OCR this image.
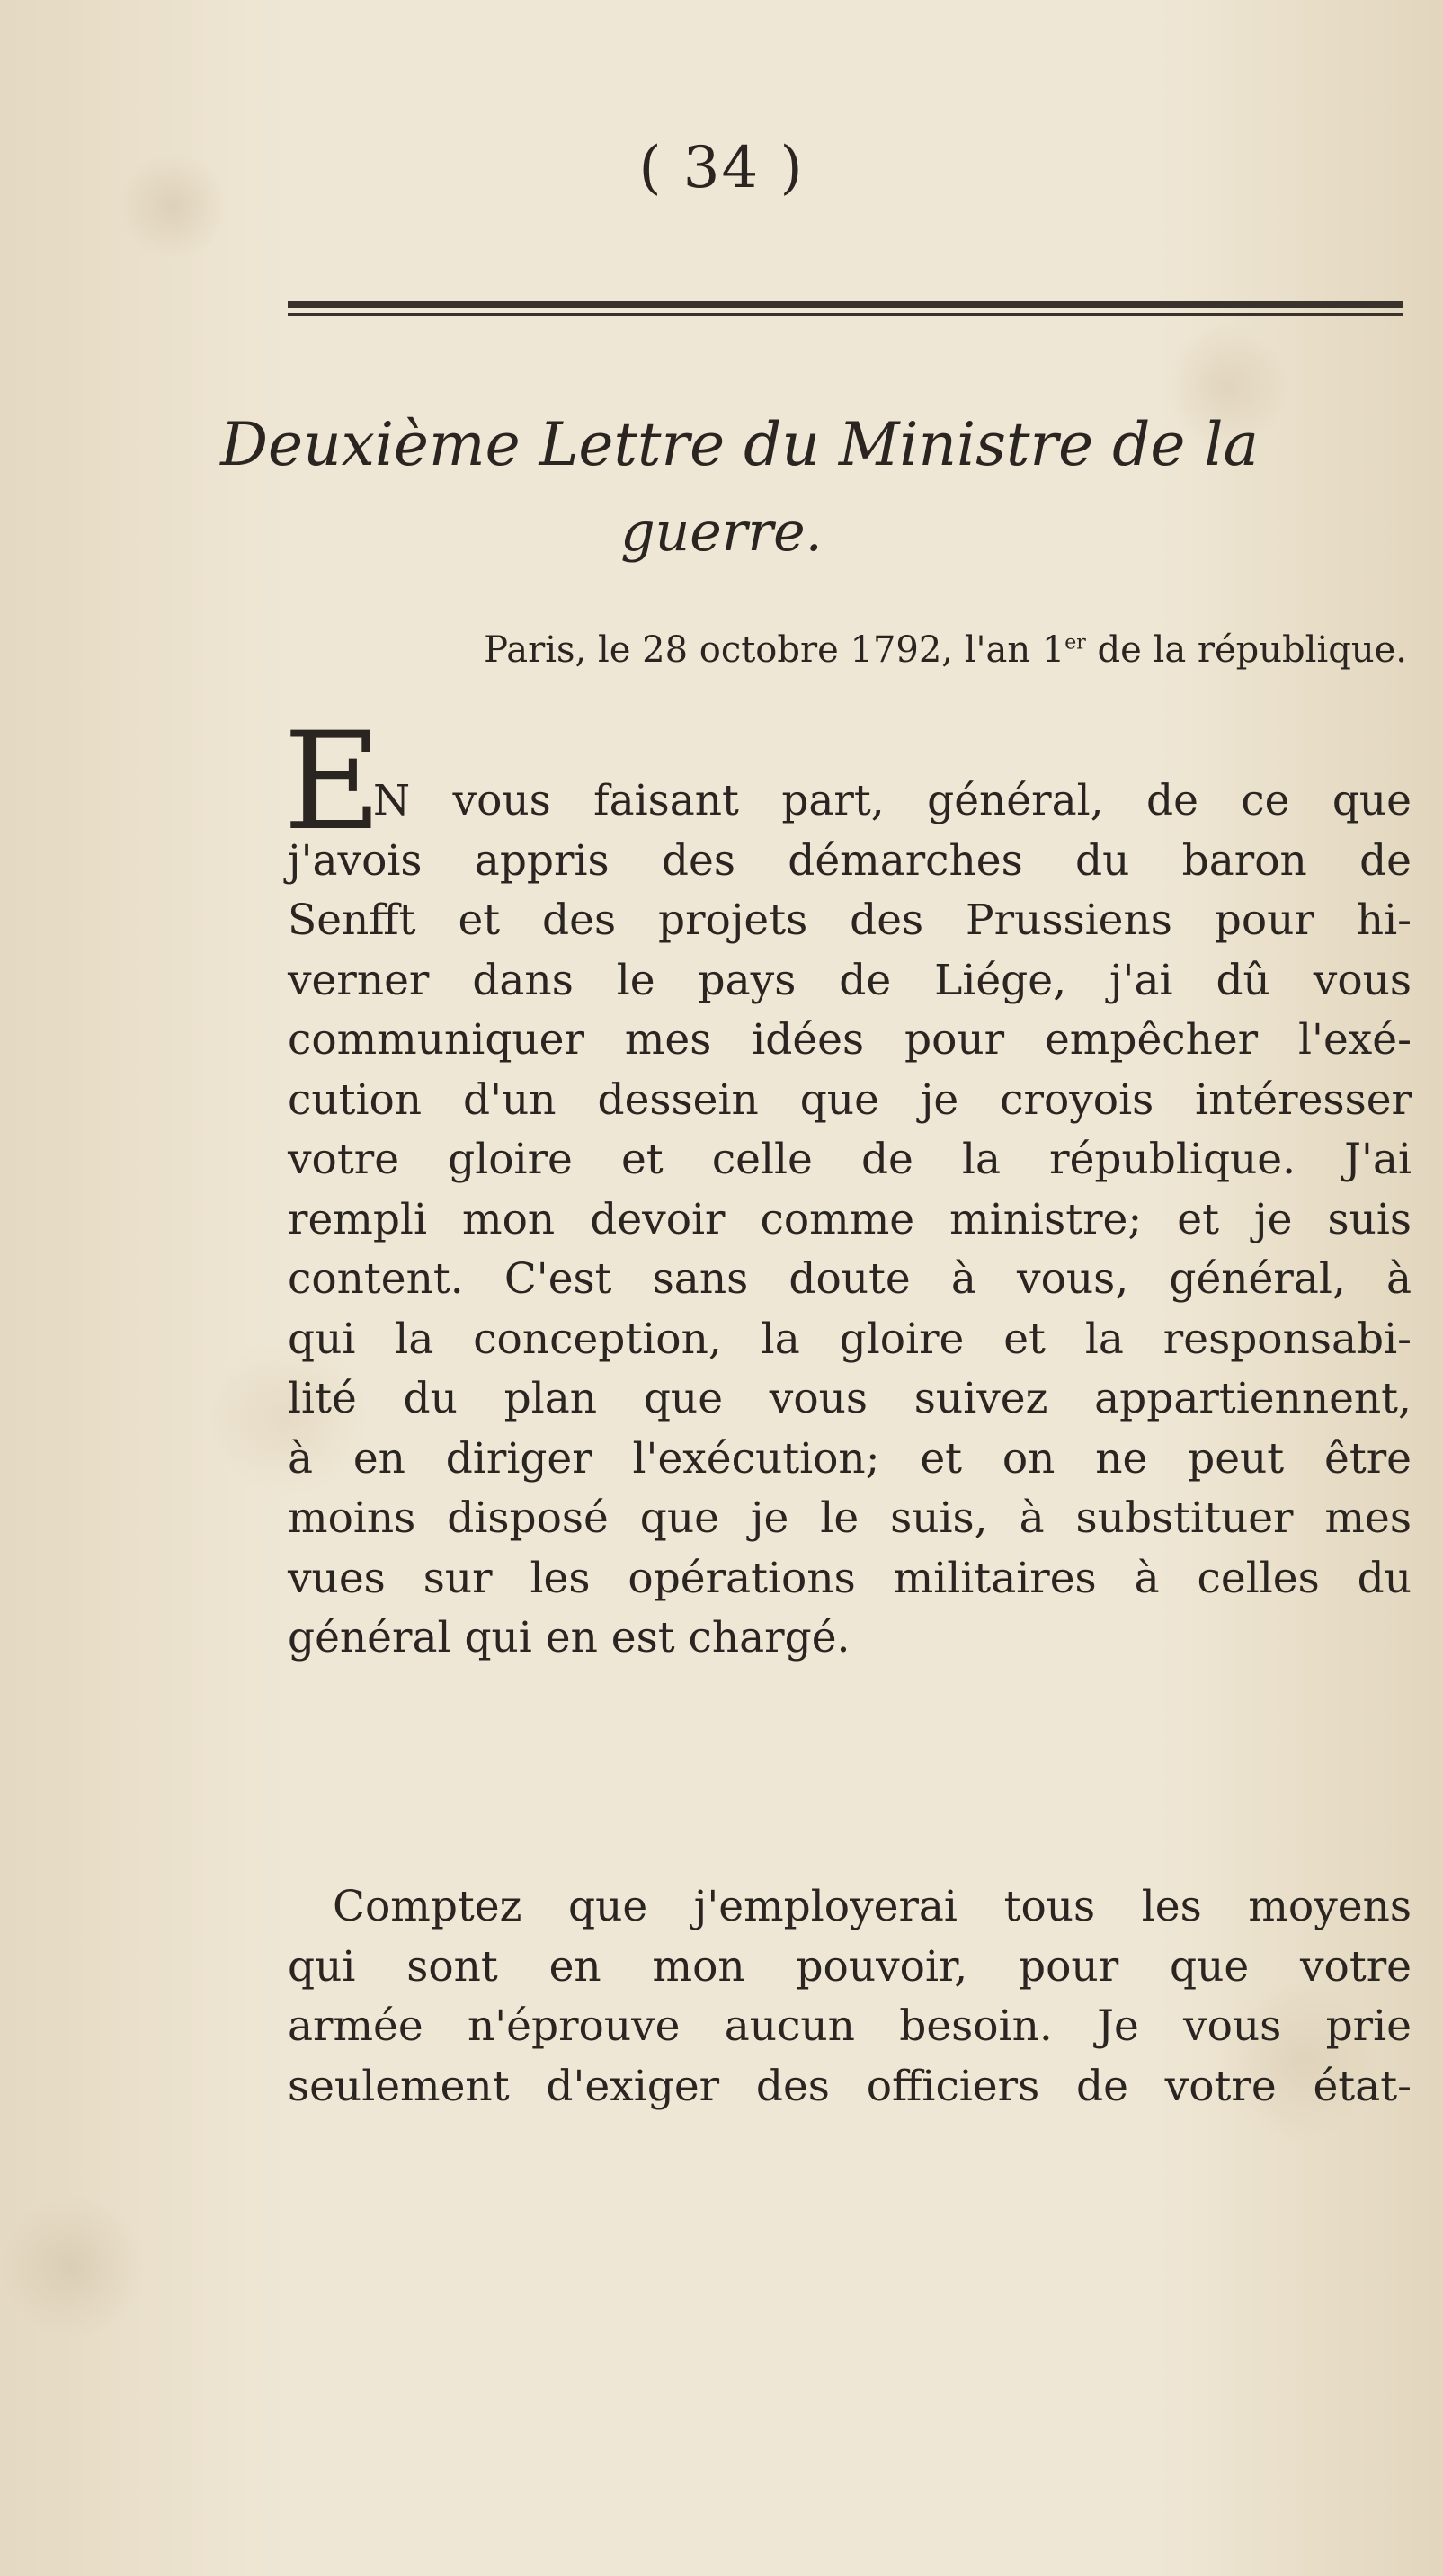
( 34 )
Deuxième Lettre du Ministre de la
guerre.
Paris, le 28 octobre 1792, l'an 1er de la république.
E
N vous faisant part, général, de ce que
j'avois appris des démarches du baron de
Senfft et des projets des Prussiens pour hi-
verner dans le pays de Liége, j'ai dû vous
communiquer mes idées pour empêcher l'exé-
cution d'un dessein que je croyois intéresser
votre gloire et celle de la république. J'ai
rempli mon devoir comme ministre; et je suis
content. C'est sans doute à vous, général, à
qui la conception, la gloire et la responsabi-
lité du plan que vous suivez appartiennent,
à en diriger l'exécution; et on ne peut être
moins disposé que je le suis, à substituer mes
vues sur les opérations militaires à celles du
général qui en est chargé.
Comptez que j'employerai tous les moyens
qui sont en mon pouvoir, pour que votre
armée n'éprouve aucun besoin. Je vous prie
seulement d'exiger des officiers de votre état-
